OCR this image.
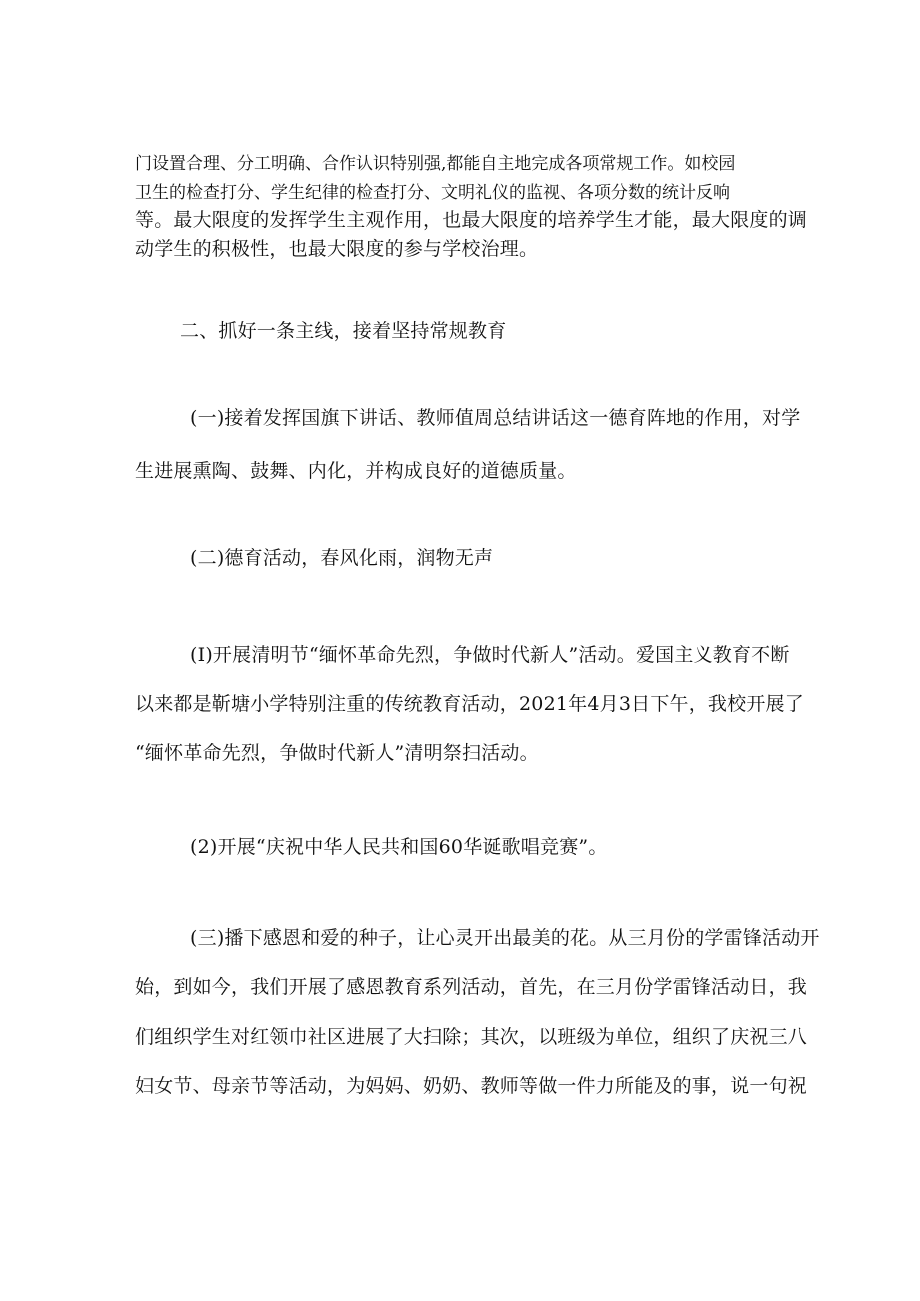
门设置合理、分工明确、合作认识特别强,都能自主地完成各项常规工作。如校园
卫生的检查打分、学生纪律的检查打分、文明礼仪的监视、各项分数的统计反响
等。最大限度的发挥学生主观作用，也最大限度的培养学生才能，最大限度的调
动学生的积极性，也最大限度的参与学校治理。
二、抓好一条主线，接着坚持常规教育
(一)接着发挥国旗下讲话、教师值周总结讲话这一德育阵地的作用，对学
生进展熏陶、鼓舞、内化，并构成良好的道德质量。
(二)德育活动，春风化雨，润物无声
(I)开展清明节“缅怀革命先烈，争做时代新人”活动。爱国主义教育不断
以来都是靳塘小学特别注重的传统教育活动，2021年4月3日下午，我校开展了
“缅怀革命先烈，争做时代新人”清明祭扫活动。
(2)开展“庆祝中华人民共和国60华诞歌唱竞赛”。
(三)播下感恩和爱的种子，让心灵开出最美的花。从三月份的学雷锋活动开
始，到如今，我们开展了感恩教育系列活动，首先，在三月份学雷锋活动日，我
们组织学生对红领巾社区进展了大扫除；其次，以班级为单位，组织了庆祝三八
妇女节、母亲节等活动，为妈妈、奶奶、教师等做一件力所能及的事，说一句祝
